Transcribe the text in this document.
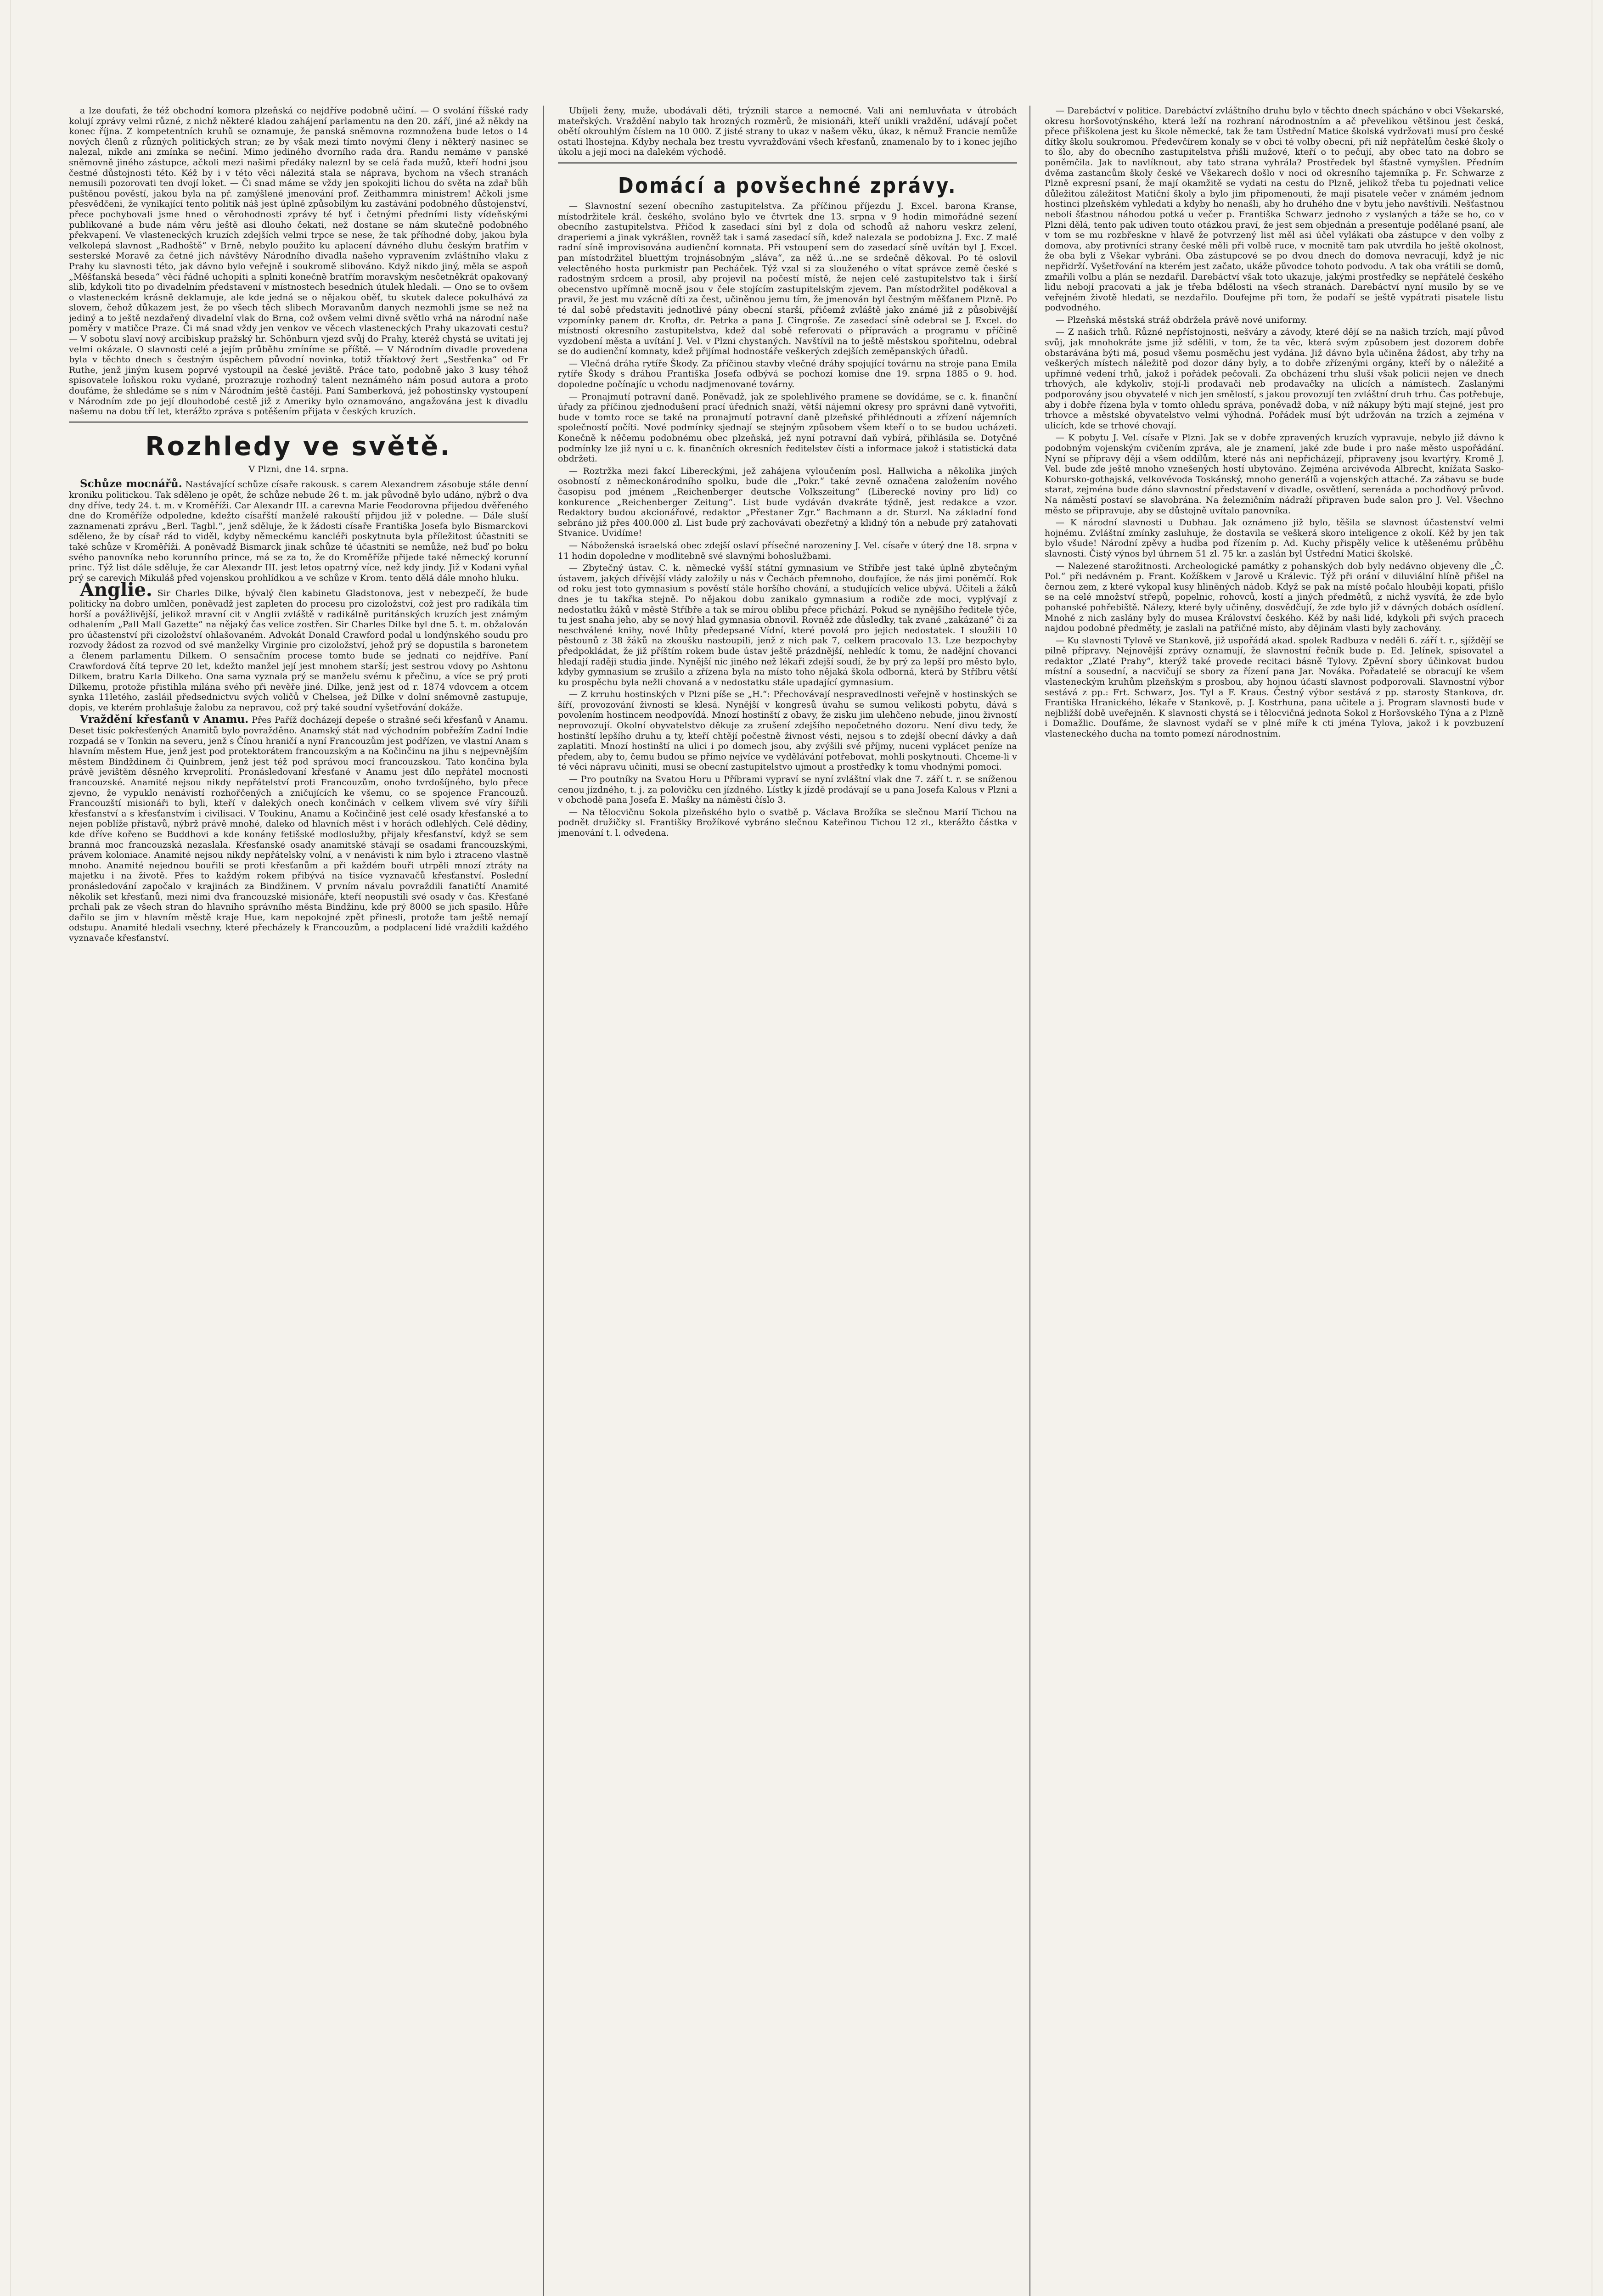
a lze doufati, že též obchodní komora plzeňská co nejdříve podobně učiní. — O svolání říšské rady kolují zprávy velmi různé, z nichž některé kladou zahájení parlamentu na den 20. září, jiné až někdy na konec října. Z kompetentních kruhů se oznamuje, že panská sněmovna rozmnožena bude letos o 14 nových členů z různých politických stran; ze by však mezi tímto novými členy i některý nasinec se nalezal, nikde ani zmínka se nečiní. Mimo jediného dvorního rada dra. Randu nemáme v panské sněmovně jiného zástupce, ačkoli mezi našimi předáky naleznl by se celá řada mužů, kteří hodni jsou čestné důstojnosti této. Kéž by i v této věci nálezitá stala se náprava, bychom na všech stranách nemusili pozorovati ten dvojí loket. — Či snad máme se vždy jen spokojiti lichou do světa na zdař bůh puštěnou pověstí, jakou byla na př. zamýšlené jmenování prof. Zeithammra ministrem! Ačkoli jsme přesvědčeni, že vynikající tento politik náš jest úplně způsobilým ku zastávání podobného důstojenství, přece pochybovali jsme hned o věrohodnosti zprávy té byť i četnými předními listy vídeňskými publikované a bude nám věru ještě asi dlouho čekati, než dostane se nám skutečně podobného překvapení. Ve vlasteneckých kruzích zdejších velmi trpce se nese, že tak příhodné doby, jakou byla velkolepá slavnost „Radhoště“ v Brně, nebylo použito ku aplacení dávného dluhu českým bratřím v sesterské Moravě za četné jich návštěvy Národního divadla našeho vypravením zvláštního vlaku z Prahy ku slavnosti této, jak dávno bylo veřejně i soukromě slibováno. Když nikdo jiný, měla se aspoň „Měšťanská beseda“ věci řádně uchopiti a splniti konečně bratřím moravským nesčetněkrát opakovaný slib, kdykoli tito po divadelním představení v místnostech besedních útulek hledali. — Ono se to ovšem o vlasteneckém krásně deklamuje, ale kde jedná se o nějakou oběť, tu skutek dalece pokulhává za slovem, čehož důkazem jest, že po všech těch slibech Moravanům danych nezmohli jsme se než na jediný a to ještě nezdařený divadelní vlak do Brna, což ovšem velmi divně světlo vrhá na národní naše poměry v matičce Praze. Či má snad vždy jen venkov ve věcech vlasteneckých Prahy ukazovati cestu? — V sobotu slaví nový arcibiskup pražský hr. Schönburn vjezd svůj do Prahy, kteréž chystá se uvítati jej velmi okázale. O slavnosti celé a jejím průběhu zmíníme se příště. — V Národním divadle provedena byla v těchto dnech s čestným úspěchem původní novinka, totiž tříaktový žert „Sestřenka“ od Fr Ruthe, jenž jiným kusem poprvé vystoupil na české jeviště. Práce tato, podobně jako 3 kusy téhož spisovatele loňskou roku vydané, prozrazuje rozhodný talent neznámého nám posud autora a proto doufáme, že shledáme se s ním v Národním ještě častěji. Paní Samberková, jež pohostinsky vystoupení v Národním zde po její dlouhodobé cestě již z Ameriky bylo oznamováno, angažována jest k divadlu našemu na dobu tří let, kterážto zpráva s potěšením přijata v českých kruzích.

Rozhledy ve světě.
V Plzni, dne 14. srpna.

Schůze mocnářů. Nastávající schůze císaře rakousk. s carem Alexandrem zásobuje stále denní kroniku politickou. Tak sděleno je opět, že schůze nebude 26 t. m. jak původně bylo udáno, nýbrž o dva dny dříve, tedy 24. t. m. v Kroměříži. Car Alexandr III. a carevna Marie Feodorovna přijedou dvěřeného dne do Kroměříže odpoledne, kdežto císařští manželé rakouští přijdou již v poledne. — Dále sluší zaznamenati zprávu „Berl. Tagbl.“, jenž sděluje, že k žádosti císaře Františka Josefa bylo Bismarckovi sděleno, že by císař rád to viděl, kdyby německému kancléři poskytnuta byla příležitost účastniti se také schůze v Kroměříži. A poněvadž Bismarck jinak schůze té účastniti se nemůže, než buď po boku svého panovníka nebo korunního prince, má se za to, že do Kroměříže přijede také německý korunní princ. Týž list dále sděluje, že car Alexandr III. jest letos opatrný více, než kdy jindy. Již v Kodani vyňal prý se carevich Mikuláš před vojenskou prohlídkou a ve schůze v Krom. tento dělá dále mnoho hluku.

Anglie. Sir Charles Dilke, bývalý člen kabinetu Gladstonova, jest v nebezpečí, že bude politicky na dobro umlčen, poněvadž jest zapleten do procesu pro cizoložství, což jest pro radikála tím horší a povážlivější, jelikož mravní cit v Anglii zvláště v radikálně puritánských kruzích jest známým odhalením „Pall Mall Gazette“ na nějaký čas velice zostřen. Sir Charles Dilke byl dne 5. t. m. obžalován pro účastenství při cizoložství ohlašovaném. Advokát Donald Crawford podal u londýnského soudu pro rozvody žádost za rozvod od své manželky Virginie pro cizoložství, jehož prý se dopustila s baronetem a členem parlamentu Dilkem. O sensačním procese tomto bude se jednati co nejdříve. Paní Crawfordová čítá teprve 20 let, kdežto manžel její jest mnohem starší; jest sestrou vdovy po Ashtonu Dilkem, bratru Karla Dilkeho. Ona sama vyznala prý se manželu svému k přečinu, a více se prý proti Dilkemu, protože přistihla milána svého při nevěře jiné. Dilke, jenž jest od r. 1874 vdovcem a otcem synka 11letého, zasláil předsednictvu svých voličů v Chelsea, jež Dilke v dolní sněmovně zastupuje, dopis, ve kterém prohlašuje žalobu za nepravou, což prý také soudní vyšetřování dokáže.

Vraždění křesťanů v Anamu. Přes Paříž docházejí depeše o strašné seči křesťanů v Anamu. Deset tisíc pokřesťených Anamitů bylo povražděno. Anamský stát nad východním pobřežím Zadní Indie rozpadá se v Tonkin na severu, jenž s Čínou hraničí a nyní Francouzům jest podřízen, ve vlastní Anam s hlavním městem Hue, jenž jest pod protektorátem francouzským a na Kočinčinu na jihu s nejpevnějším městem Bindždinem či Quinbrem, jenž jest též pod správou mocí francouzskou. Tato končina byla právě jevištěm děsného krveprolití. Pronásledovaní křesťané v Anamu jest dílo nepřátel mocnosti francouzské. Anamité nejsou nikdy nepřátelství proti Francouzům, onoho tvrdošíjného, bylo přece zjevno, že vypuklo nenávistí rozhořčených a zničujících ke všemu, co se spojence Francouzů. Francouzští misionáři to byli, kteří v dalekých onech končinách v celkem vlivem své víry šířili křesťanství a s křesťanstvím i civilisaci. V Toukinu, Anamu a Kočinčině jest celé osady křesťanské a to nejen poblíže přístavů, nýbrž právě mnohé, daleko od hlavních měst i v horách odlehlých. Celé dědiny, kde dříve kořeno se Buddhovi a kde konány fetišské modloslužby, přijaly křesťanství, když se sem branná moc francouzská nezaslala. Křesťanské osady anamitské stávají se osadami francouzskými, právem koloniace. Anamité nejsou nikdy nepřátelsky volní, a v nenávisti k nim bylo i ztraceno vlastně mnoho. Anamité nejednou bouřili se proti křesťanům a při každém bouři utrpěli mnozí ztráty na majetku i na životě. Přes to každým rokem přibývá na tisíce vyznavačů křesťanství. Poslední pronásledování započalo v krajinách za Bindžinem. V prvním návalu povraždili fanatičtí Anamité několik set křesťanů, mezi nimi dva francouzské misionáře, kteří neopustili své osady v čas. Křesťané prchali pak ze všech stran do hlavního správního města Bindžinu, kde prý 8000 se jich spasilo. Hůře dařilo se jim v hlavním městě kraje Hue, kam nepokojné zpět přinesli, protože tam ještě nemají odstupu. Anamité hledali vsechny, které přecházely k Francouzům, a podplacení lidé vraždili každého vyznavače křesťanství.

Ubíjeli ženy, muže, ubodávali děti, trýznili starce a nemocné. Vali ani nemluvňata v útrobách mateřských. Vraždění nabylo tak hrozných rozměrů, že misionáři, kteří unikli vraždění, udávají počet obětí okrouhlým číslem na 10 000. Z jisté strany to ukaz v našem věku, úkaz, k němuž Francie nemůže ostati lhostejna. Kdyby nechala bez trestu vyvražďování všech křesťanů, znamenalo by to i konec jejího úkolu a její moci na dalekém východě.

Domácí a povšechné zprávy.

— Slavnostní sezení obecního zastupitelstva. Za příčinou příjezdu J. Excel. barona Kranse, místodržitele král. českého, svoláno bylo ve čtvrtek dne 13. srpna v 9 hodin mimořádné sezení obecního zastupitelstva. Přičod k zasedací síni byl z dola od schodů až nahoru veskrz zelení, draperiemi a jinak vykrášlen, rovněž tak i samá zasedací síň, kdež nalezala se podobizna J. Exc. Z malé radní síně improvisována audienční komnata. Při vstoupení sem do zasedací síně uvítán byl J. Excel. pan místodržitel bluettým trojnásobným „sláva“, za něž ú…ne se srdečně děkoval. Po té oslovil velectěného hosta purkmistr pan Pecháček. Týž vzal si za slouženého o vítat správce země české s radostným srdcem a prosil, aby projevil na počestí místě, že nejen celé zastupitelstvo tak i širší obecenstvo upřímně mocně jsou v čele stojícím zastupitelským zjevem. Pan místodržitel poděkoval a pravil, že jest mu vzácně díti za čest, učiněnou jemu tím, že jmenován byl čestným měšťanem Plzně. Po té dal sobě představiti jednotlivé pány obecní starší, přičemž zvláště jako známé již z působivější vzpomínky panem dr. Krofta, dr. Petrka a pana J. Cingroše. Ze zasedací síně odebral se J. Excel. do místností okresního zastupitelstva, kdež dal sobě referovati o přípravách a programu v příčině vyzdobení města a uvítání J. Vel. v Plzni chystaných. Navštívil na to ještě městskou spořitelnu, odebral se do audienční komnaty, kdež přijímal hodnostáře veškerých zdejších zeměpanských úřadů.

— Vlečná dráha rytíře Škody. Za příčinou stavby vlečné dráhy spojující továrnu na stroje pana Emila rytíře Škody s dráhou Františka Josefa odbývá se pochozí komise dne 19. srpna 1885 o 9. hod. dopoledne počínajíc u vchodu nadjmenované továrny.

— Pronajmutí potravní daně. Poněvadž, jak ze spolehlivého pramene se dovídáme, se c. k. finanční úřady za příčinou zjednodušení prací úředních snaží, větší nájemní okresy pro správní daně vytvořiti, bude v tomto roce se také na pronajmutí potravní daně plzeňské přihlédnouti a zřízení nájemních společností počíti. Nové podmínky sjednají se stejným způsobem všem kteří o to se budou ucházeti. Konečně k něčemu podobnému obec plzeňská, jež nyní potravní daň vybírá, přihlásila se. Dotyčné podmínky lze již nyní u c. k. finančních okresních ředitelstev čísti a informace jakož i statistická data obdržeti.

— Roztržka mezi fakcí Libereckými, jež zahájena vyloučením posl. Hallwicha a několika jiných osobností z německonárodního spolku, bude dle „Pokr.“ také zevně označena založením nového časopisu pod jménem „Reichenberger deutsche Volkszeitung“ (Liberecké noviny pro lid) co konkurence „Reichenberger Zeitung“. List bude vydáván dvakráte týdně, jest redakce a vzor. Redaktory budou akcionářové, redaktor „Přestaner Zgr.“ Bachmann a dr. Sturzl. Na základní fond sebráno již přes 400.000 zl. List bude prý zachovávati obezřetný a klidný tón a nebude prý zatahovati Stvanice. Uvidíme!

— Náboženská israelská obec zdejší oslaví přísečné narozeniny J. Vel. císaře v úterý dne 18. srpna v 11 hodin dopoledne v modlitebně své slavnými bohoslužbami.

— Zbytečný ústav. C. k. německé vyšší státní gymnasium ve Stříbře jest také úplně zbytečným ústavem, jakých dřívější vlády založily u nás v Čechách přemnoho, doufajíce, že nás jimi poněmčí. Rok od roku jest toto gymnasium s pověstí stále horšího chování, a studujících velice ubývá. Učiteli a žáků dnes je tu takřka stejně. Po nějakou dobu zanikalo gymnasium a rodiče zde moci, vyplývají z nedostatku žáků v městě Stříbře a tak se mírou oblibu přece přichází. Pokud se nynějšího ředitele týče, tu jest snaha jeho, aby se nový hlad gymnasia obnovil. Rovněž zde důsledky, tak zvané „zakázané“ či za neschválené knihy, nové lhůty předepsané Vídní, které povolá pro jejich nedostatek. I sloužili 10 pěstounů z 38 žáků na zkoušku nastoupili, jenž z nich pak 7, celkem pracovalo 13. Lze bezpochyby předpokládat, že již příštím rokem bude ústav ještě prázdnější, nehledíc k tomu, že nadějní chovanci hledají raději studia jinde. Nynější nic jiného než lékaři zdejší soudí, že by prý za lepší pro město bylo, kdyby gymnasium se zrušilo a zřízena byla na místo toho nějaká škola odborná, která by Stříbru větší ku prospěchu byla nežli chovaná a v nedostatku stále upadající gymnasium.

— Z krruhu hostinských v Plzni píše se „H.“: Přechovávají nespravedlnosti veřejně v hostinských se šíří, provozování živností se klesá. Nynější v kongresů úvahu se sumou velikosti pobytu, dává s povolením hostincem neodpovídá. Mnozí hostinští z obavy, že zisku jim ulehčeno nebude, jinou živností neprovozují. Okolní obyvatelstvo děkuje za zrušení zdejšího nepočetného dozoru. Není divu tedy, že hostinští lepšího druhu a ty, kteří chtějí počestně živnost vésti, nejsou s to zdejší obecní dávky a daň zaplatiti. Mnozí hostinští na ulici i po domech jsou, aby zvýšili své příjmy, nuceni vyplácet peníze na předem, aby to, čemu budou se přímo nejvíce ve vydělávání potřebovat, mohli poskytnouti. Chceme-li v té věci nápravu učiniti, musí se obecní zastupitelstvo ujmout a prostředky k tomu vhodnými pomoci.

— Pro poutníky na Svatou Horu u Příbrami vypraví se nyní zvláštní vlak dne 7. září t. r. se sníženou cenou jízdného, t. j. za polovičku cen jízdného. Lístky k jízdě prodávají se u pana Josefa Kalous v Plzni a v obchodě pana Josefa E. Mašky na náměstí číslo 3.

— Na tělocvičnu Sokola plzeňského bylo o svatbě p. Václava Brožíka se slečnou Marií Tichou na podnět družičky sl. Františky Brožíkové vybráno slečnou Kateřinou Tichou 12 zl., kterážto částka v jmenování t. l. odvedena.

— Darebáctví v politice. Darebáctví zvláštního druhu bylo v těchto dnech spácháno v obci Všekarské, okresu horšovotýnského, která leží na rozhraní národnostním a ač převelikou většinou jest česká, přece přiškolena jest ku škole německé, tak že tam Ústřední Matice školská vydržovati musí pro české dítky školu soukromou. Předevčírem konaly se v obci té volby obecní, při níž nepřátelům české školy o to šlo, aby do obecního zastupitelstva přišli mužové, kteří o to pečují, aby obec tato na dobro se poněmčila. Jak to navlíknout, aby tato strana vyhrála? Prostředek byl šťastně vymyšlen. Předním dvěma zastancům školy české ve Všekarech došlo v noci od okresního tajemníka p. Fr. Schwarze z Plzně expresní psaní, že mají okamžitě se vydati na cestu do Plzně, jelikož třeba tu pojednati velice důležitou záležitost Matiční školy a bylo jim připomenouti, že mají pisatele večer v známém jednom hostinci plzeňském vyhledati a kdyby ho nenašli, aby ho druhého dne v bytu jeho navštívili. Nešťastnou neboli šťastnou náhodou potká u večer p. Františka Schwarz jednoho z vyslaných a táže se ho, co v Plzni dělá, tento pak udiven touto otázkou praví, že jest sem objednán a presentuje podělané psaní, ale v tom se mu rozbřeskne v hlavě že potvrzený list měl asi účel vylákati oba zástupce v den volby z domova, aby protivníci strany české měli při volbě ruce, v mocnitě tam pak utvrdila ho ještě okolnost, že oba byli z Všekar vybráni. Oba zástupcové se po dvou dnech do domova nevracují, když je nic nepřidrží. Vyšetřování na kterém jest začato, ukáže původce tohoto podvodu. A tak oba vrátili se domů, zmařili volbu a plán se nezdařil. Darebáctví však toto ukazuje, jakými prostředky se nepřátelé českého lidu nebojí pracovati a jak je třeba bdělosti na všech stranách. Darebáctví nyní musilo by se ve veřejném životě hledati, se nezdařilo. Doufejme při tom, že podaří se ještě vypátrati pisatele listu podvodného.

— Plzeňská městská stráž obdržela právě nové uniformy.

— Z našich trhů. Různé nepřístojnosti, nešváry a závody, které dějí se na našich trzích, mají původ svůj, jak mnohokráte jsme již sdělili, v tom, že ta věc, která svým způsobem jest dozorem dobře obstarávána býti má, posud všemu posměchu jest vydána. Již dávno byla učiněna žádost, aby trhy na veškerých místech náležitě pod dozor dány byly, a to dobře zřízenými orgány, kteří by o náležité a upřímné vedení trhů, jakož i pořádek pečovali. Za obcházení trhu sluší však policii nejen ve dnech trhových, ale kdykoliv, stojí-li prodavači neb prodavačky na ulicích a námístech. Zaslanými podporovány jsou obyvatelé v nich jen smělostí, s jakou provozují ten zvláštní druh trhu. Čas potřebuje, aby i dobře řízena byla v tomto ohledu správa, poněvadž doba, v níž nákupy býti mají stejné, jest pro trhovce a městské obyvatelstvo velmi výhodná. Pořádek musí být udržován na trzích a zejména v ulicích, kde se trhové chovají.

— K pobytu J. Vel. císaře v Plzni. Jak se v dobře zpravených kruzích vypravuje, nebylo již dávno k podobným vojenským cvičením zpráva, ale je znamení, jaké zde bude i pro naše město uspořádání. Nyní se přípravy dějí a všem oddílům, které nás ani nepřicházejí, připraveny jsou kvartýry. Kromě J. Vel. bude zde ještě mnoho vznešených hostí ubytováno. Zejména arcivévoda Albrecht, knížata Sasko-Kobursko-gothajská, velkovévoda Toskánský, mnoho generálů a vojenských attaché. Za zábavu se bude starat, zejména bude dáno slavnostní představení v divadle, osvětlení, serenáda a pochodňový průvod. Na náměstí postaví se slavobrána. Na železničním nádraží připraven bude salon pro J. Vel. Všechno město se připravuje, aby se důstojně uvítalo panovníka.

— K národní slavnosti u Dubhau. Jak oznámeno již bylo, těšila se slavnost účastenství velmi hojnému. Zvláštní zmínky zasluhuje, že dostavila se veškerá skoro inteligence z okolí. Kéž by jen tak bylo všude! Národní zpěvy a hudba pod řízením p. Ad. Kuchy přispěly velice k utěšenému průběhu slavnosti. Čistý výnos byl úhrnem 51 zl. 75 kr. a zaslán byl Ústřední Matici školské.

— Nalezené starožitnosti. Archeologické památky z pohanských dob byly nedávno objeveny dle „Č. Pol.“ při nedávném p. Frant. Kožíškem v Jarově u Králevic. Týž při orání v diluviální hlíně přišel na černou zem, z které vykopal kusy hliněných nádob. Když se pak na místě počalo hlouběji kopati, přišlo se na celé množství střepů, popelnic, rohovců, kostí a jiných předmětů, z nichž vysvítá, že zde bylo pohanské pohřebiště. Nálezy, které byly učiněny, dosvědčují, že zde bylo již v dávných dobách osídlení. Mnohé z nich zaslány byly do musea Království českého. Kéž by naši lidé, kdykoli při svých pracech najdou podobné předměty, je zaslali na patřičné místo, aby dějinám vlasti byly zachovány.

— Ku slavnosti Tylově ve Stankově, již uspořádá akad. spolek Radbuza v neděli 6. září t. r., sjíždějí se pilně přípravy. Nejnovější zprávy oznamují, že slavnostní řečník bude p. Ed. Jelínek, spisovatel a redaktor „Zlaté Prahy“, kterýž také provede recitaci básně Tylovy. Zpěvní sbory účinkovat budou místní a sousední, a nacvičují se sbory za řízení pana Jar. Nováka. Pořadatelé se obracují ke všem vlasteneckým kruhům plzeňským s prosbou, aby hojnou účastí slavnost podporovali. Slavnostní výbor sestává z pp.: Frt. Schwarz, Jos. Tyl a F. Kraus. Čestný výbor sestává z pp. starosty Stankova, dr. Františka Hranického, lékaře v Stankově, p. J. Kostrhuna, pana učitele a j. Program slavnosti bude v nejbližší době uveřejněn. K slavnosti chystá se i tělocvičná jednota Sokol z Horšovského Týna a z Plzně i Domažlic. Doufáme, že slavnost vydaří se v plné míře k cti jména Tylova, jakož i k povzbuzení vlasteneckého ducha na tomto pomezí národnostním.
